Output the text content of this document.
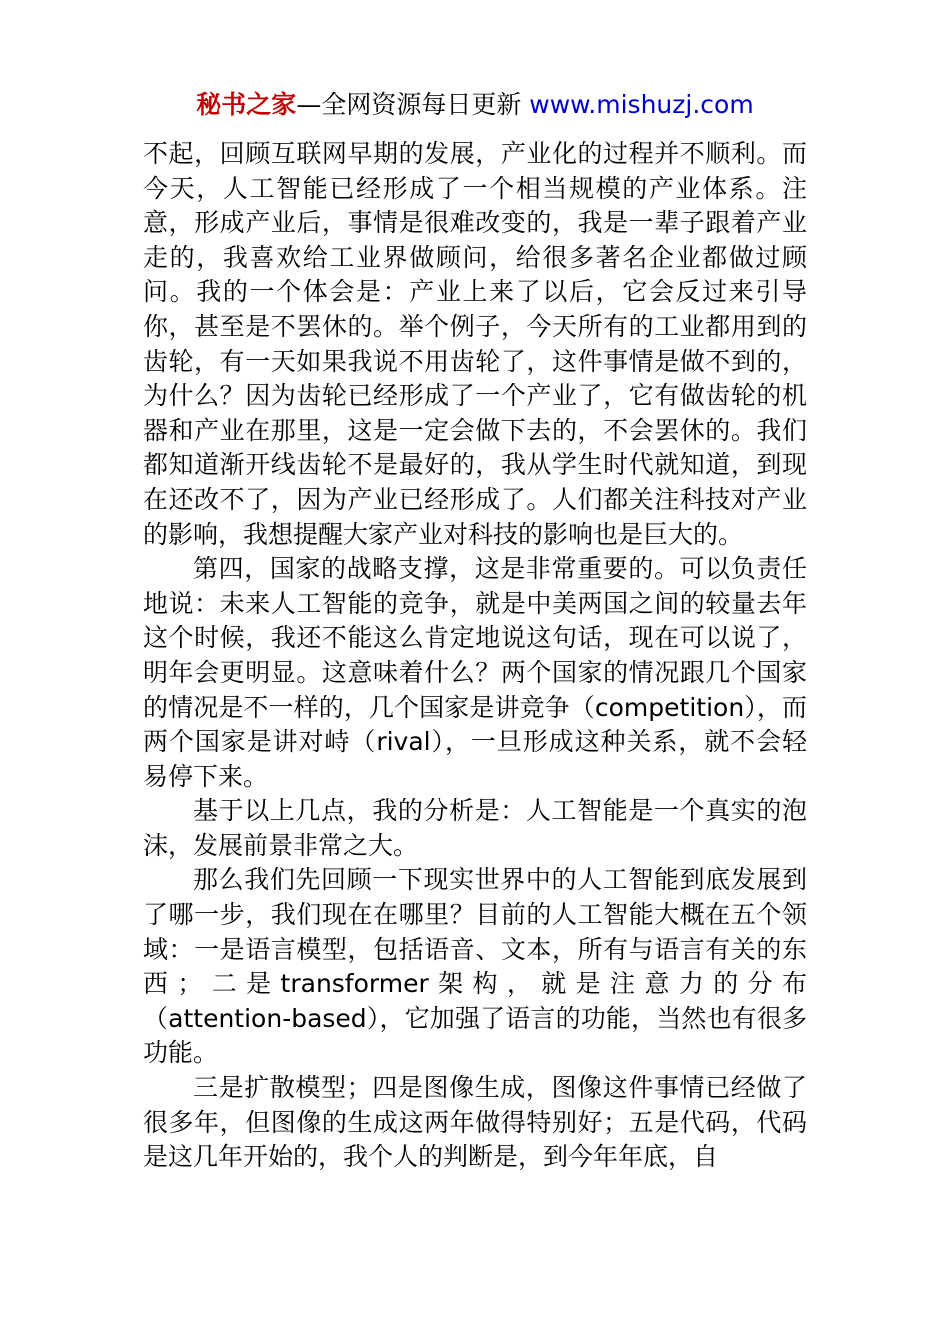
秘书之家—全网资源每日更新 www.mishuzj.com

不起，回顾互联网早期的发展，产业化的过程并不顺利。而今天，人工智能已经形成了一个相当规模的产业体系。注意，形成产业后，事情是很难改变的，我是一辈子跟着产业走的，我喜欢给工业界做顾问，给很多著名企业都做过顾问。我的一个体会是：产业上来了以后，它会反过来引导你，甚至是不罢休的。举个例子，今天所有的工业都用到的齿轮，有一天如果我说不用齿轮了，这件事情是做不到的，为什么？因为齿轮已经形成了一个产业了，它有做齿轮的机器和产业在那里，这是一定会做下去的，不会罢休的。我们都知道渐开线齿轮不是最好的，我从学生时代就知道，到现在还改不了，因为产业已经形成了。人们都关注科技对产业的影响，我想提醒大家产业对科技的影响也是巨大的。

第四，国家的战略支撑，这是非常重要的。可以负责任地说：未来人工智能的竞争，就是中美两国之间的较量去年这个时候，我还不能这么肯定地说这句话，现在可以说了，明年会更明显。这意味着什么？两个国家的情况跟几个国家的情况是不一样的，几个国家是讲竞争（competition），而两个国家是讲对峙（rival），一旦形成这种关系，就不会轻易停下来。

基于以上几点，我的分析是：人工智能是一个真实的泡沫，发展前景非常之大。

那么我们先回顾一下现实世界中的人工智能到底发展到了哪一步，我们现在在哪里？目前的人工智能大概在五个领域：一是语言模型，包括语音、文本，所有与语言有关的东西；二是transformer架构，就是注意力的分布（attention-based），它加强了语言的功能，当然也有很多功能。

三是扩散模型；四是图像生成，图像这件事情已经做了很多年，但图像的生成这两年做得特别好；五是代码，代码是这几年开始的，我个人的判断是，到今年年底，自
